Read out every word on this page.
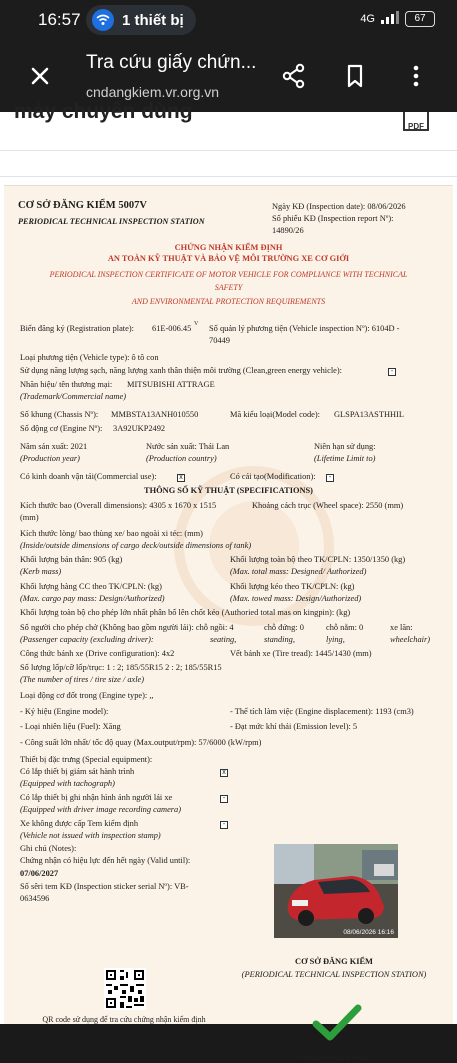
16:57	1 thiết bị	4G	67
Tra cứu giấy chứn...
cndangkiem.vr.org.vn
máy chuyên dùng
PDF
CƠ SỞ ĐĂNG KIỂM 5007V
PERIODICAL TECHNICAL INSPECTION STATION
Ngày KĐ (Inspection date): 08/06/2026
Số phiếu KĐ (Inspection report Nº):
14890/26
CHỨNG NHẬN KIỂM ĐỊNH
AN TOÀN KỸ THUẬT VÀ BẢO VỆ MÔI TRƯỜNG XE CƠ GIỚI
PERIODICAL INSPECTION CERTIFICATE OF MOTOR VEHICLE FOR COMPLIANCE WITH TECHNICAL
SAFETY
AND ENVIRONMENTAL PROTECTION REQUIREMENTS
Biển đăng ký (Registration plate): 61E-006.45 V Số quản lý phương tiện (Vehicle inspection Nº): 6104D -
70449
Loại phương tiện (Vehicle type): ô tô con
Sử dụng năng lượng sạch, năng lượng xanh thân thiện môi trường (Clean,green energy vehicle):	-
Nhãn hiệu/ tên thương mại: MITSUBISHI ATTRAGE
(Trademark/Commercial name)
Số khung (Chassis Nº): MMBSTA13ANH010550	Mã kiểu loại(Model code): GLSPA13ASTHHIL
Số động cơ (Engine Nº): 3A92UKP2492
Năm sản xuất: 2021
(Production year)
Nước sản xuất: Thái Lan
(Production country)
Niên hạn sử dụng:
(Lifetime Limit to)
Có kinh doanh vận tải(Commercial use):	x	Có cải tạo(Modification):	-
THÔNG SỐ KỸ THUẬT (SPECIFICATIONS)
Kích thước bao (Overall dimensions): 4305 x 1670 x 1515
(mm)
Khoảng cách trục (Wheel space): 2550 (mm)
Kích thước lòng/ bao thùng xe/ bao ngoài xi téc: (mm)
(Inside/outside dimensions of cargo deck/outside dimensions of tank)
Khối lượng bản thân: 905 (kg)
(Kerb mass)
Khối lượng toàn bộ theo TK/CPLN: 1350/1350 (kg)
(Max. total mass: Designed/ Authorized)
Khối lượng hàng CC theo TK/CPLN: (kg)
(Max. cargo pay mass: Design/Authorized)
Khối lượng kéo theo TK/CPLN: (kg)
(Max. towed mass: Design/Authorized)
Khối lượng toàn bộ cho phép lớn nhất phân bố lên chốt kéo (Authoried total mas on kingpin): (kg)
Số người cho phép chở (Không bao gồm người lái): chỗ ngồi: 4	chỗ đứng: 0	chỗ nằm: 0	xe lăn:
(Passenger capacity (excluding driver):	seating,	standing,	lying,	wheelchair)
Công thức bánh xe (Drive configuration): 4x2	Vết bánh xe (Tire tread): 1445/1430 (mm)
Số lượng lốp/cỡ lốp/trục: 1 : 2; 185/55R15 2 : 2; 185/55R15
(The number of tires / tire size / axle)
Loại động cơ đốt trong (Engine type): ,,
- Ký hiệu (Engine model):	- Thể tích làm việc (Engine displacement): 1193 (cm3)
- Loại nhiên liệu (Fuel): Xăng	- Đạt mức khí thải (Emission level): 5
- Công suất lớn nhất/ tốc độ quay (Max.output/rpm): 57/6000 (kW/rpm)
Thiết bị đặc trưng (Special equipment):
Có lắp thiết bị giám sát hành trình
(Equipped with tachograph)
x
Có lắp thiết bị ghi nhận hình ảnh người lái xe
(Equipped with driver image recording camera)
-
Xe không được cấp Tem kiểm định
(Vehicle not issued with inspection stamp)
-
Ghi chú (Notes):
Chứng nhận có hiệu lực đến hết ngày (Valid until):
07/06/2027
Số sêri tem KĐ (Inspection sticker serial Nº): VB-
0634596
08/06/2026 16:16
CƠ SỞ ĐĂNG KIỂM
(PERIODICAL TECHNICAL INSPECTION STATION)
QR code sử dụng để tra cứu chứng nhận kiểm định
(QR code used for verification of the PTI certificate)
Đặng Hoàng Phong
